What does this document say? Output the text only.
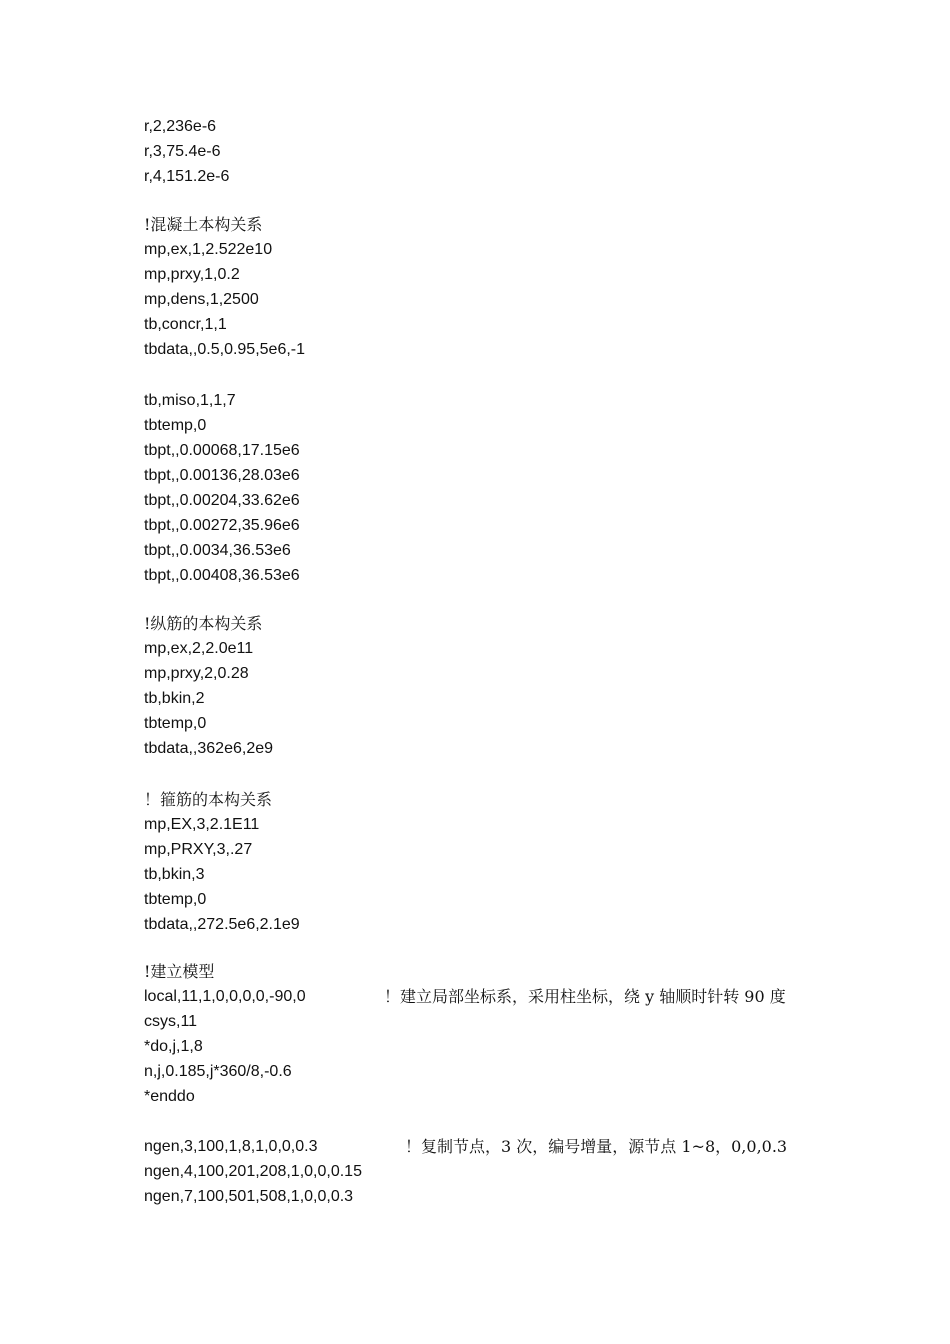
r,2,236e-6
r,3,75.4e-6
r,4,151.2e-6
!混凝土本构关系
mp,ex,1,2.522e10
mp,prxy,1,0.2
mp,dens,1,2500
tb,concr,1,1
tbdata,,0.5,0.95,5e6,-1
tb,miso,1,1,7
tbtemp,0
tbpt,,0.00068,17.15e6
tbpt,,0.00136,28.03e6
tbpt,,0.00204,33.62e6
tbpt,,0.00272,35.96e6
tbpt,,0.0034,36.53e6
tbpt,,0.00408,36.53e6
!纵筋的本构关系
mp,ex,2,2.0e11
mp,prxy,2,0.28
tb,bkin,2
tbtemp,0
tbdata,,362e6,2e9
！箍筋的本构关系
mp,EX,3,2.1E11
mp,PRXY,3,.27
tb,bkin,3
tbtemp,0
tbdata,,272.5e6,2.1e9
!建立模型
local,11,1,0,0,0,0,-90,0
csys,11
*do,j,1,8
n,j,0.185,j*360/8,-0.6
*enddo
！建立局部坐标系，采用柱坐标，绕 y 轴顺时针转 90 度
ngen,3,100,1,8,1,0,0,0.3
ngen,4,100,201,208,1,0,0,0.15
ngen,7,100,501,508,1,0,0,0.3
！复制节点，3 次，编号增量，源节点 1~8，0,0,0.3
